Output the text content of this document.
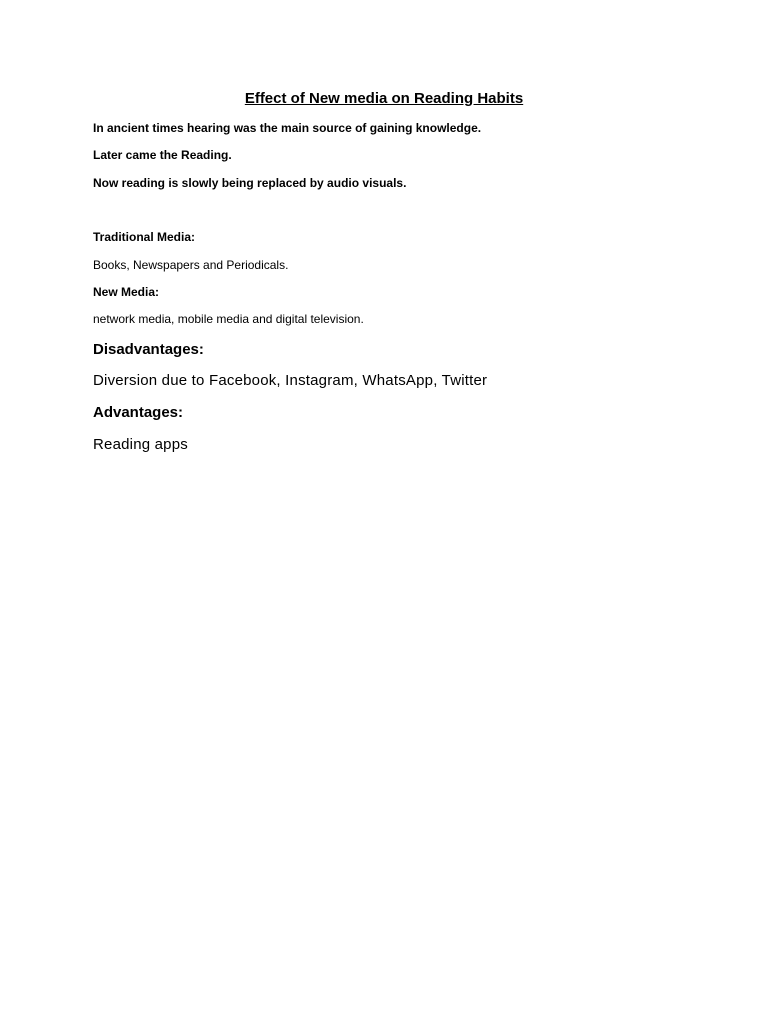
Effect of New media on Reading Habits
In ancient times hearing was the main source of gaining knowledge.
Later came the Reading.
Now reading is slowly being replaced by audio visuals.
Traditional Media:
Books, Newspapers and Periodicals.
New Media:
network media, mobile media and digital television.
Disadvantages:
Diversion due to Facebook, Instagram, WhatsApp, Twitter
Advantages:
Reading apps
